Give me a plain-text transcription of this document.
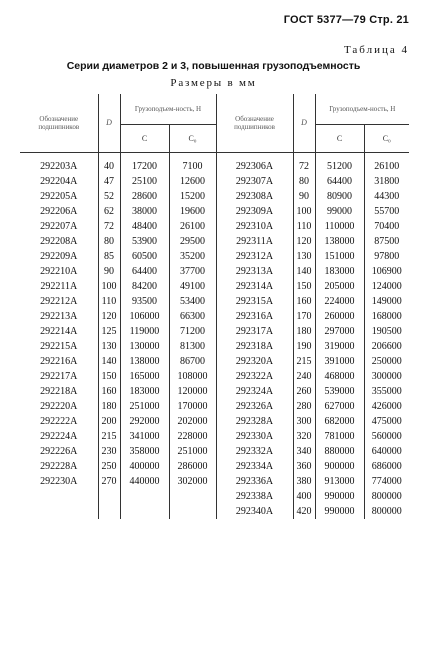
ГОСТ 5377—79 Стр. 21
Таблица 4
Серии диаметров 2 и 3, повышенная грузоподъемность
Размеры в мм
Обозначение подшипников	D	Грузоподъем-ность, Н		Обозначение подшипников	D	Грузоподъем-ность, Н	
		C	C₀			C	C₀
292203A	40	17200	7100	292306A	72	51200	26100
292204A	47	25100	12600	292307A	80	64400	31800
292205A	52	28600	15200	292308A	90	80900	44300
292206A	62	38000	19600	292309A	100	99000	55700
292207A	72	48400	26100	292310A	110	110000	70400
292208A	80	53900	29500	292311A	120	138000	87500
292209A	85	60500	35200	292312A	130	151000	97800
292210A	90	64400	37700	292313A	140	183000	106900
292211A	100	84200	49100	292314A	150	205000	124000
292212A	110	93500	53400	292315A	160	224000	149000
292213A	120	106000	66300	292316A	170	260000	168000
292214A	125	119000	71200	292317A	180	297000	190500
292215A	130	130000	81300	292318A	190	319000	206600
292216A	140	138000	86700	292320A	215	391000	250000
292217A	150	165000	108000	292322A	240	468000	300000
292218A	160	183000	120000	292324A	260	539000	355000
292220A	180	251000	170000	292326A	280	627000	426000
292222A	200	292000	202000	292328A	300	682000	475000
292224A	215	341000	228000	292330A	320	781000	560000
292226A	230	358000	251000	292332A	340	880000	640000
292228A	250	400000	286000	292334A	360	900000	686000
292230A	270	440000	302000	292336A	380	913000	774000
				292338A	400	990000	800000
				292340A	420	990000	800000
